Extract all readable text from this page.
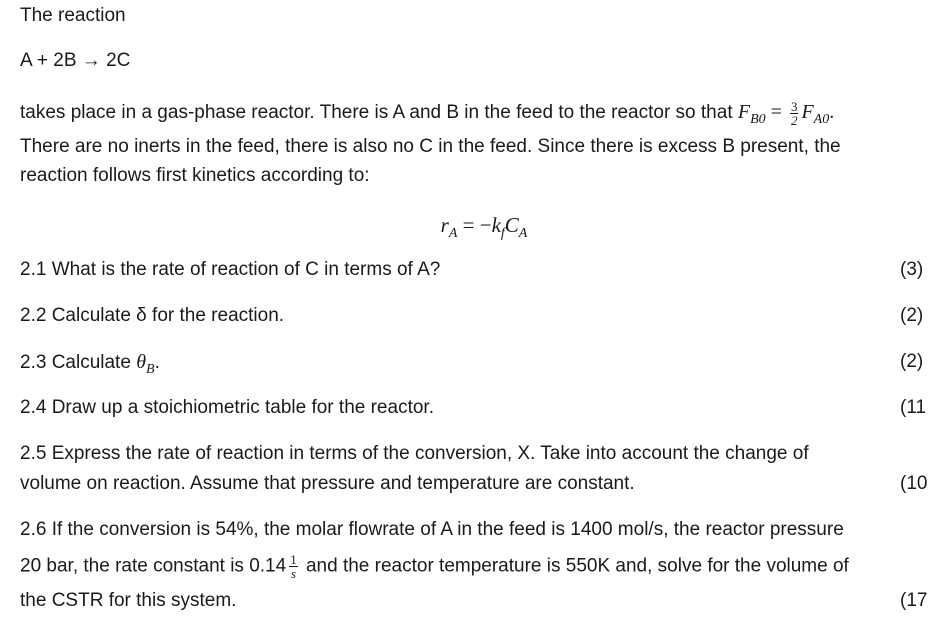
The reaction
A + 2B → 2C
takes place in a gas-phase reactor. There is A and B in the feed to the reactor so that $F_{B0} = \frac{3}{2} F_{A0}$.
There are no inerts in the feed, there is also no C in the feed. Since there is excess B present, the
reaction follows first kinetics according to:
$r_A = -k_fC_A$
2.1 What is the rate of reaction of C in terms of A?	(3)
2.2 Calculate δ for the reaction.	(2)
2.3 Calculate $\theta_B$.	(2)
2.4 Draw up a stoichiometric table for the reactor.	(11
2.5 Express the rate of reaction in terms of the conversion, X. Take into account the change of
volume on reaction. Assume that pressure and temperature are constant.	(10
2.6 If the conversion is 54%, the molar flowrate of A in the feed is 1400 mol/s, the reactor pressure
20 bar, the rate constant is $0.14 \frac{1}{s}$ and the reactor temperature is 550K and, solve for the volume of
the CSTR for this system.	(17
